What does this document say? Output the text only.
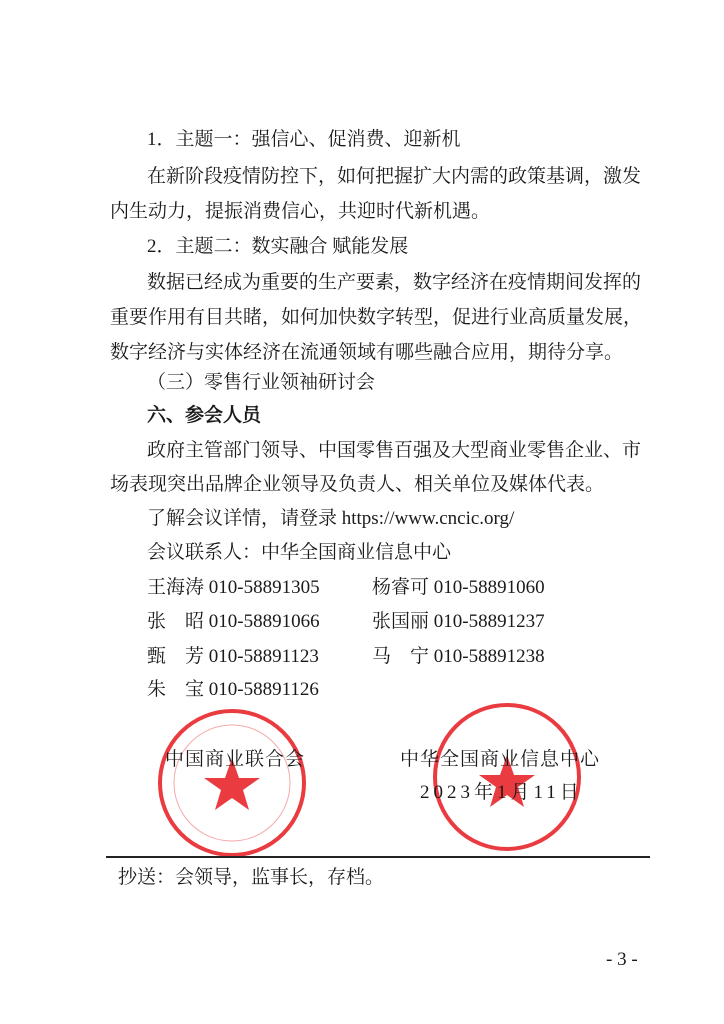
1．主题一：强信心、促消费、迎新机
在新阶段疫情防控下，如何把握扩大内需的政策基调，激发
内生动力，提振消费信心，共迎时代新机遇。
2．主题二：数实融合 赋能发展
数据已经成为重要的生产要素，数字经济在疫情期间发挥的
重要作用有目共睹，如何加快数字转型，促进行业高质量发展，
数字经济与实体经济在流通领域有哪些融合应用，期待分享。
（三）零售行业领袖研讨会
六、参会人员
政府主管部门领导、中国零售百强及大型商业零售企业、市
场表现突出品牌企业领导及负责人、相关单位及媒体代表。
了解会议详情，请登录 https://www.cncic.org/
会议联系人：中华全国商业信息中心
王海涛 010-58891305	杨睿可 010-58891060
张　昭 010-58891066	张国丽 010-58891237
甄　芳 010-58891123	马　宁 010-58891238
朱　宝 010-58891126
中国商业联合会	中华全国商业信息中心
2023年1月11日
抄送：会领导，监事长，存档。
- 3 -
